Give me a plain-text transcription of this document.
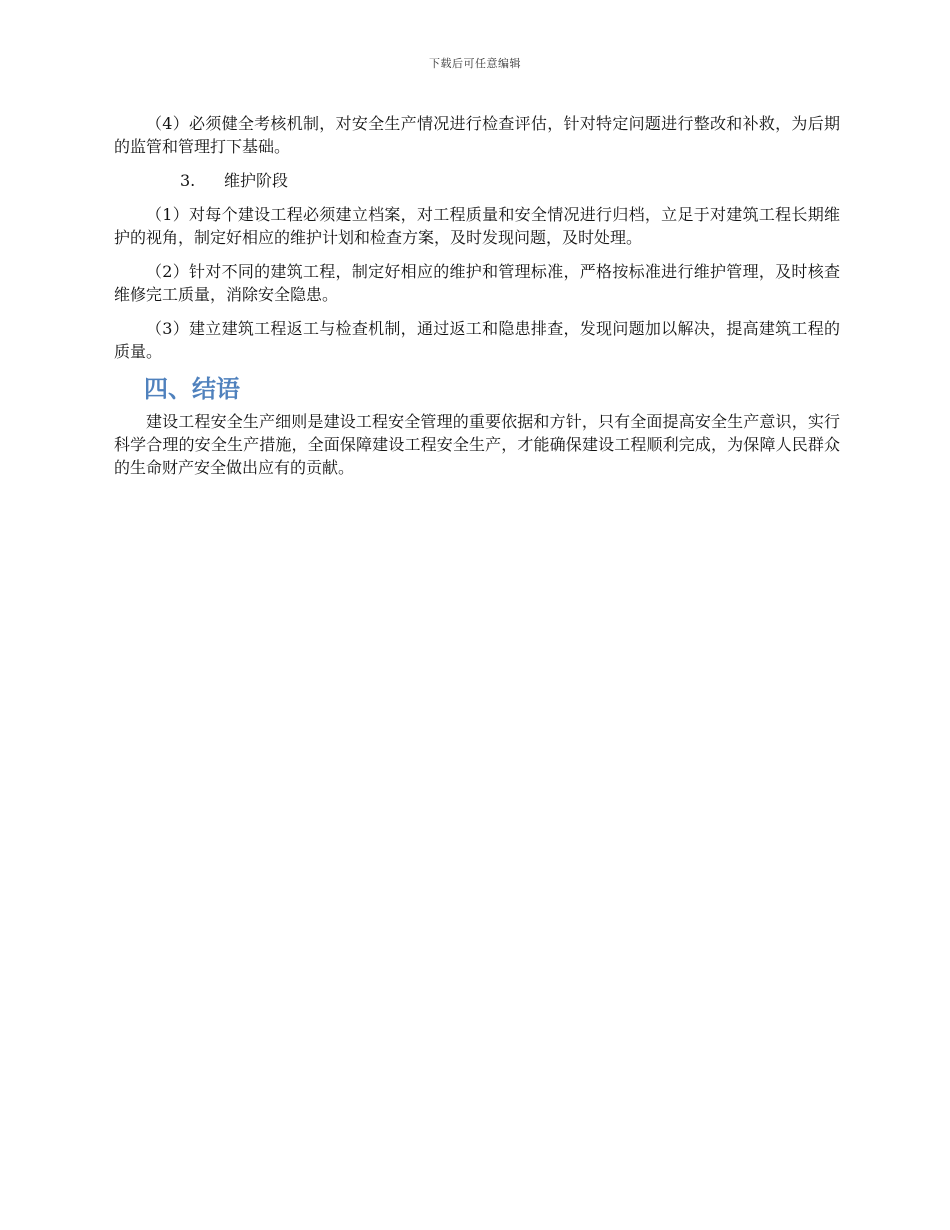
下载后可任意编辑

（4）必须健全考核机制，对安全生产情况进行检查评估，针对特定问题进行整改和补救，为后期的监管和管理打下基础。

3. 维护阶段

（1）对每个建设工程必须建立档案，对工程质量和安全情况进行归档，立足于对建筑工程长期维护的视角，制定好相应的维护计划和检查方案，及时发现问题，及时处理。

（2）针对不同的建筑工程，制定好相应的维护和管理标准，严格按标准进行维护管理，及时核查维修完工质量，消除安全隐患。

（3）建立建筑工程返工与检查机制，通过返工和隐患排查，发现问题加以解决，提高建筑工程的质量。

四、结语

建设工程安全生产细则是建设工程安全管理的重要依据和方针，只有全面提高安全生产意识，实行科学合理的安全生产措施，全面保障建设工程安全生产，才能确保建设工程顺利完成，为保障人民群众的生命财产安全做出应有的贡献。
